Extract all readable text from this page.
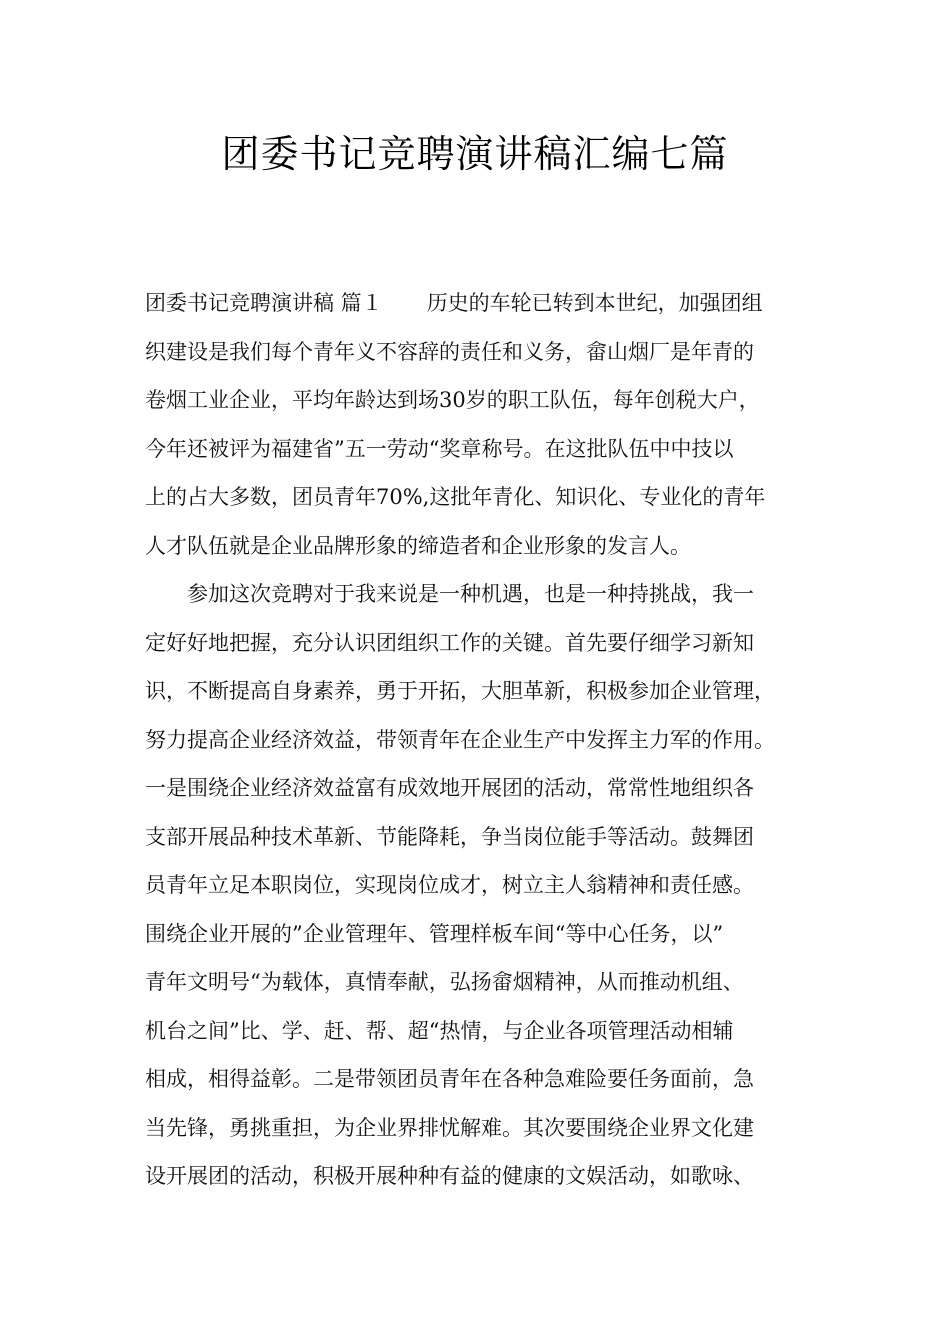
团委书记竞聘演讲稿汇编七篇
团委书记竞聘演讲稿 篇１ 历史的车轮已转到本世纪，加强团组
织建设是我们每个青年义不容辞的责任和义务，畲山烟厂是年青的
卷烟工业企业，平均年龄达到场30岁的职工队伍，每年创税大户，
今年还被评为福建省”五一劳动“奖章称号。在这批队伍中中技以
上的占大多数，团员青年70%,这批年青化、知识化、专业化的青年
人才队伍就是企业品牌形象的缔造者和企业形象的发言人。
参加这次竞聘对于我来说是一种机遇，也是一种持挑战，我一
定好好地把握，充分认识团组织工作的关键。首先要仔细学习新知
识，不断提高自身素养，勇于开拓，大胆革新，积极参加企业管理，
努力提高企业经济效益，带领青年在企业生产中发挥主力军的作用。
一是围绕企业经济效益富有成效地开展团的活动，常常性地组织各
支部开展品种技术革新、节能降耗，争当岗位能手等活动。鼓舞团
员青年立足本职岗位，实现岗位成才，树立主人翁精神和责任感。
围绕企业开展的”企业管理年、管理样板车间“等中心任务，以”
青年文明号“为载体，真情奉献，弘扬畲烟精神，从而推动机组、
机台之间”比、学、赶、帮、超“热情，与企业各项管理活动相辅
相成，相得益彰。二是带领团员青年在各种急难险要任务面前，急
当先锋，勇挑重担，为企业界排忧解难。其次要围绕企业界文化建
设开展团的活动，积极开展种种有益的健康的文娱活动，如歌咏、
